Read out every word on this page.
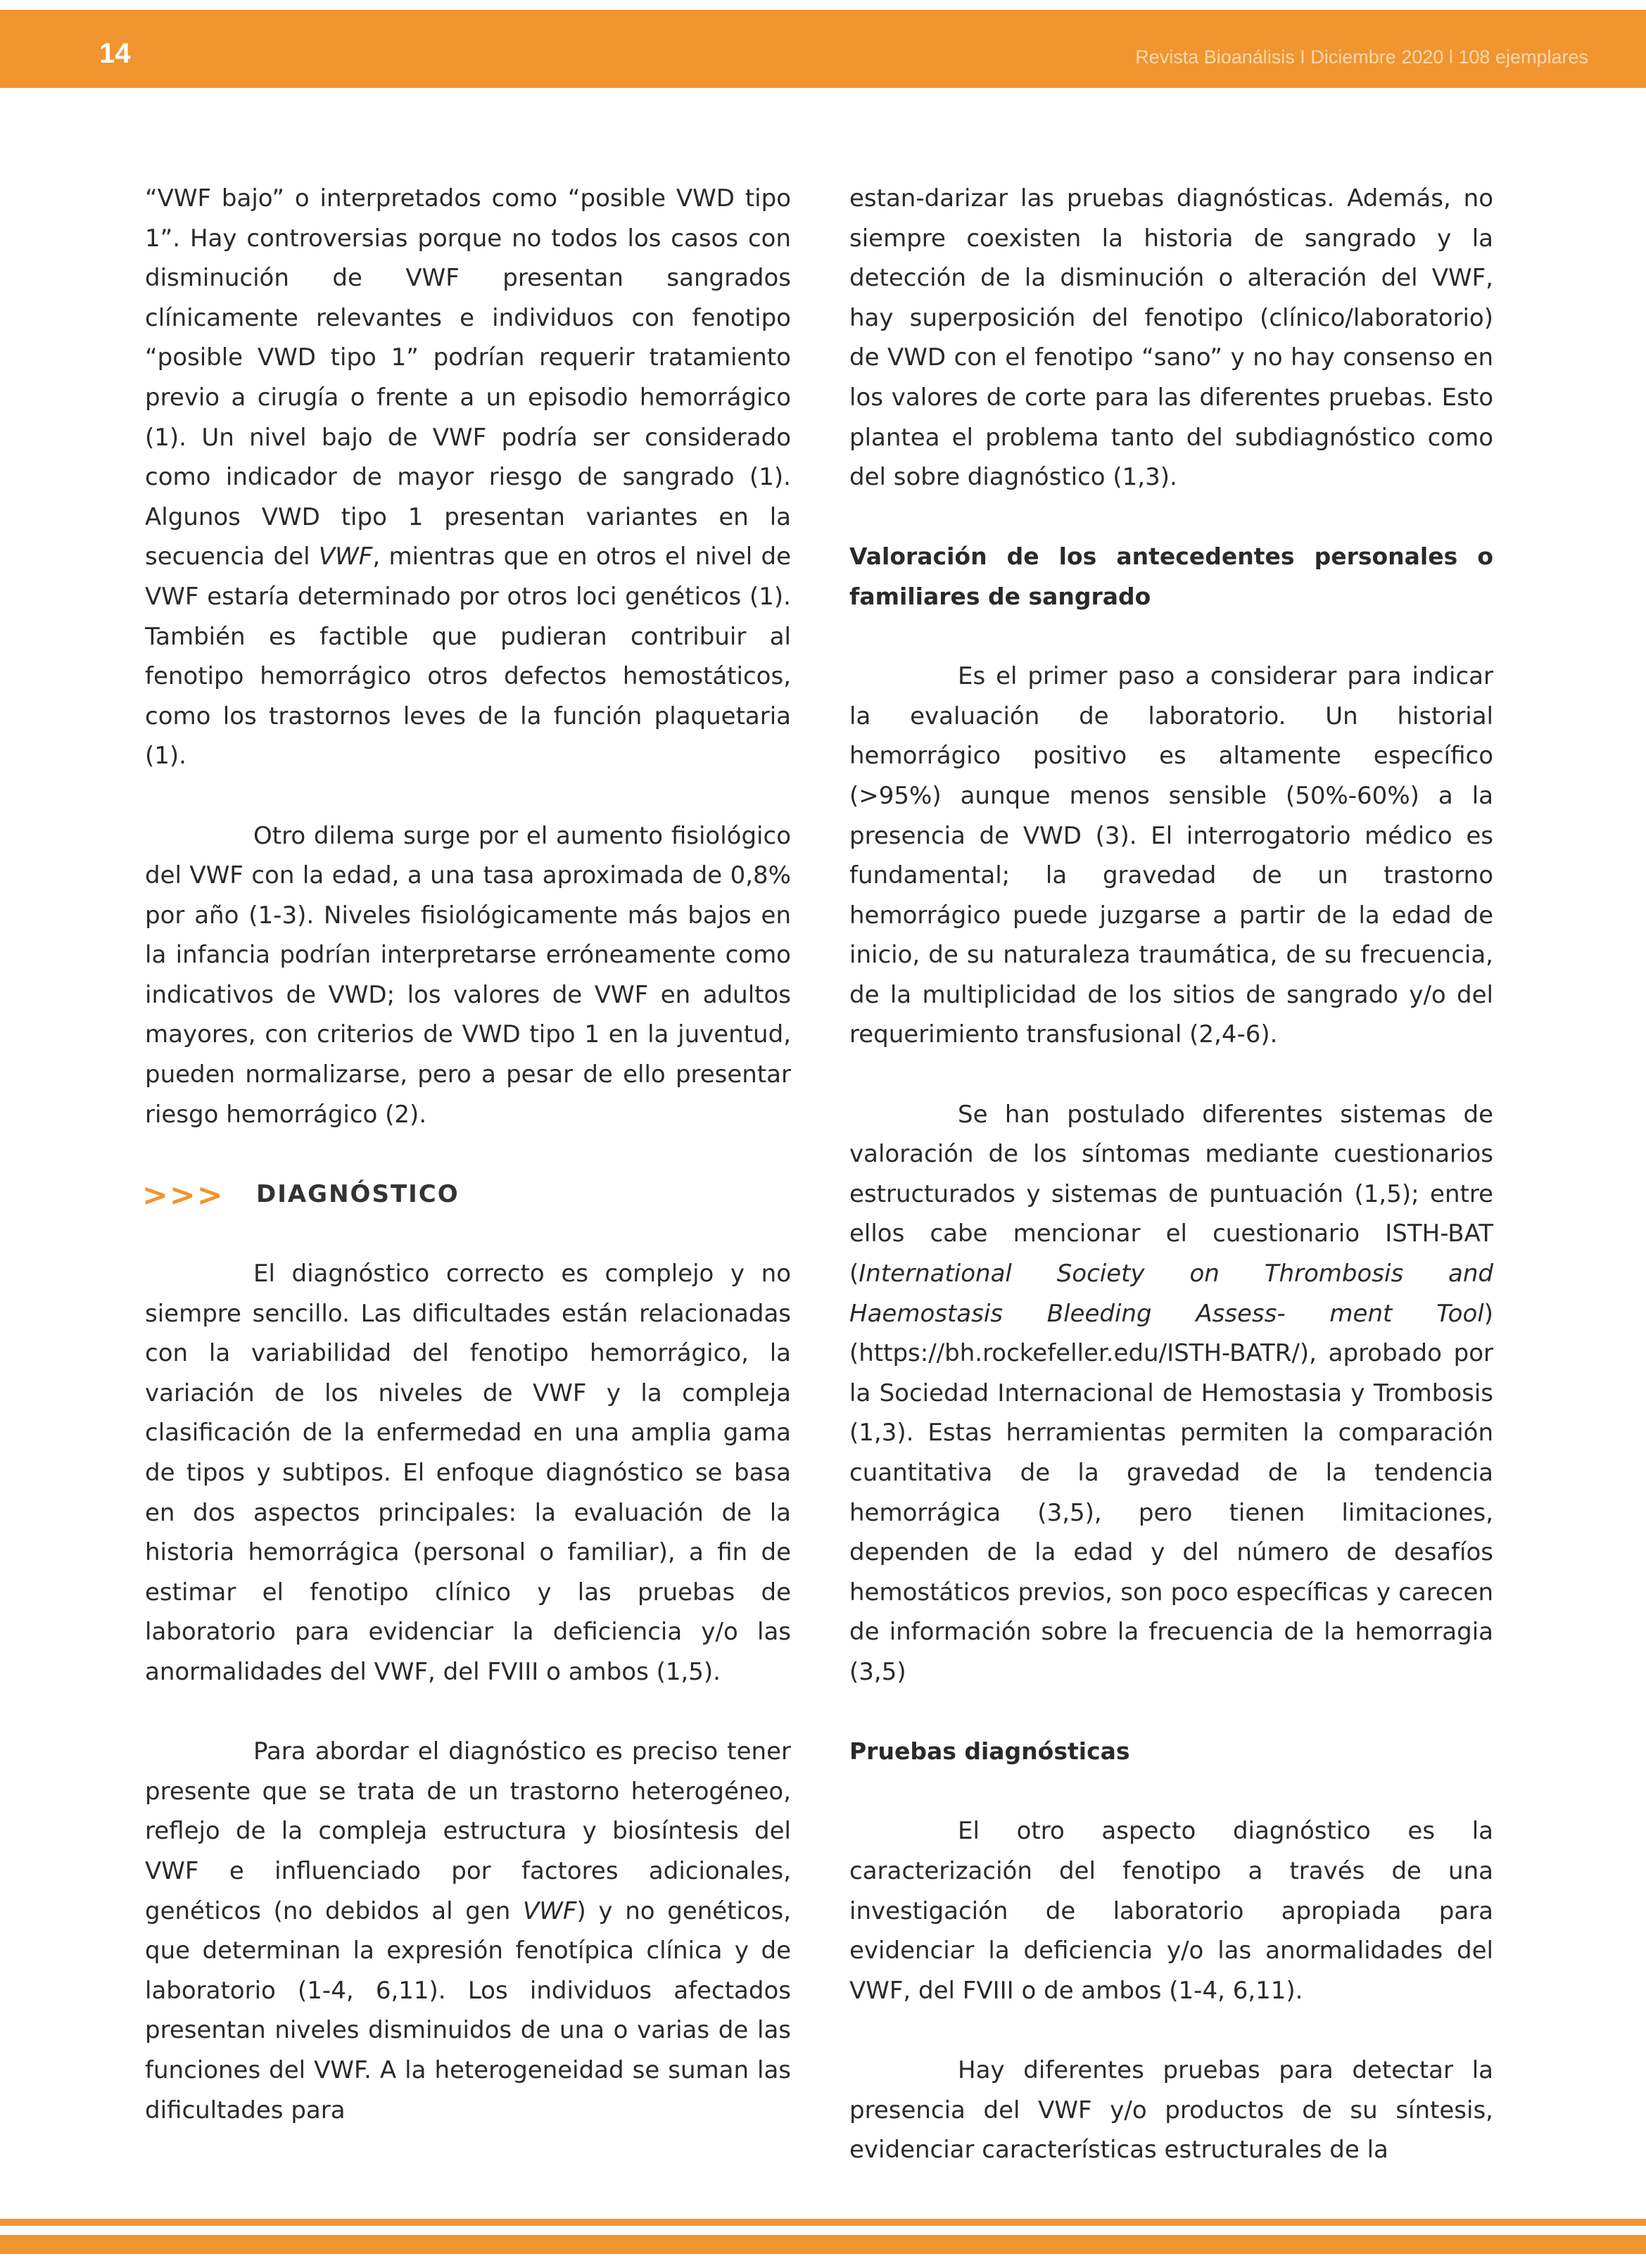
14	Revista Bioanálisis I Diciembre 2020 l 108 ejemplares

“VWF bajo” o interpretados como “posible VWD tipo 1”. Hay controversias porque no todos los casos con disminución de VWF presentan sangrados clínicamente relevantes e individuos con fenotipo “posible VWD tipo 1” podrían requerir tratamiento previo a cirugía o frente a un episodio hemorrágico (1). Un nivel bajo de VWF podría ser considerado como indicador de mayor riesgo de sangrado (1). Algunos VWD tipo 1 presentan variantes en la secuencia del VWF, mientras que en otros el nivel de VWF estaría determinado por otros loci genéticos (1). También es factible que pudieran contribuir al fenotipo hemorrágico otros defectos hemostáticos, como los trastornos leves de la función plaquetaria (1).

Otro dilema surge por el aumento fisiológico del VWF con la edad, a una tasa aproximada de 0,8% por año (1-3). Niveles fisiológicamente más bajos en la infancia podrían interpretarse erróneamente como indicativos de VWD; los valores de VWF en adultos mayores, con criterios de VWD tipo 1 en la juventud, pueden normalizarse, pero a pesar de ello presentar riesgo hemorrágico (2).

>>> DIAGNÓSTICO

El diagnóstico correcto es complejo y no siempre sencillo. Las dificultades están relacionadas con la variabilidad del fenotipo hemorrágico, la variación de los niveles de VWF y la compleja clasificación de la enfermedad en una amplia gama de tipos y subtipos. El enfoque diagnóstico se basa en dos aspectos principales: la evaluación de la historia hemorrágica (personal o familiar), a fin de estimar el fenotipo clínico y las pruebas de laboratorio para evidenciar la deficiencia y/o las anormalidades del VWF, del FVIII o ambos (1,5).

Para abordar el diagnóstico es preciso tener presente que se trata de un trastorno heterogéneo, reflejo de la compleja estructura y biosíntesis del VWF e influenciado por factores adicionales, genéticos (no debidos al gen VWF) y no genéticos, que determinan la expresión fenotípica clínica y de laboratorio (1-4, 6,11). Los individuos afectados presentan niveles disminuidos de una o varias de las funciones del VWF. A la heterogeneidad se suman las dificultades para

estan-darizar las pruebas diagnósticas. Además, no siempre coexisten la historia de sangrado y la detección de la disminución o alteración del VWF, hay superposición del fenotipo (clínico/laboratorio) de VWD con el fenotipo “sano” y no hay consenso en los valores de corte para las diferentes pruebas. Esto plantea el problema tanto del subdiagnóstico como del sobre diagnóstico (1,3).

Valoración de los antecedentes personales o familiares de sangrado

Es el primer paso a considerar para indicar la evaluación de laboratorio. Un historial hemorrágico positivo es altamente específico (>95%) aunque menos sensible (50%-60%) a la presencia de VWD (3). El interrogatorio médico es fundamental; la gravedad de un trastorno hemorrágico puede juzgarse a partir de la edad de inicio, de su naturaleza traumática, de su frecuencia, de la multiplicidad de los sitios de sangrado y/o del requerimiento transfusional (2,4-6).

Se han postulado diferentes sistemas de valoración de los síntomas mediante cuestionarios estructurados y sistemas de puntuación (1,5); entre ellos cabe mencionar el cuestionario ISTH-BAT (International Society on Thrombosis and Haemostasis Bleeding Assess- ment Tool) (https://bh.rockefeller.edu/ISTH-BATR/), aprobado por la Sociedad Internacional de Hemostasia y Trombosis (1,3). Estas herramientas permiten la comparación cuantitativa de la gravedad de la tendencia hemorrágica (3,5), pero tienen limitaciones, dependen de la edad y del número de desafíos hemostáticos previos, son poco específicas y carecen de información sobre la frecuencia de la hemorragia (3,5)

Pruebas diagnósticas

El otro aspecto diagnóstico es la caracterización del fenotipo a través de una investigación de laboratorio apropiada para evidenciar la deficiencia y/o las anormalidades del VWF, del FVIII o de ambos (1-4, 6,11).

Hay diferentes pruebas para detectar la presencia del VWF y/o productos de su síntesis, evidenciar características estructurales de la
